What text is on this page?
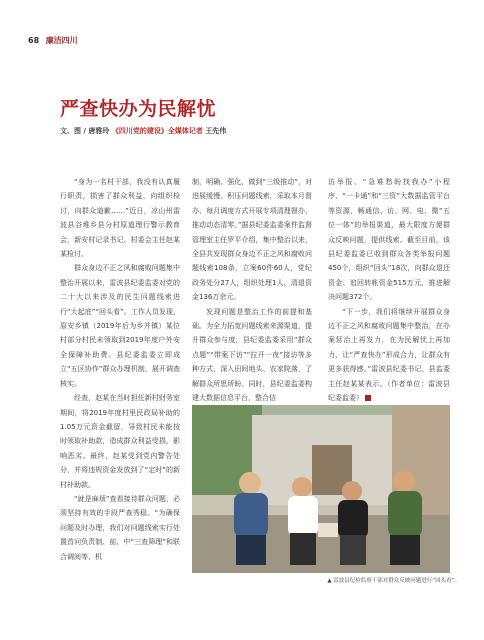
68 廉洁四川
严查快办为民解忧
文、图 / 唐雅玲 《四川党的建设》全媒体记者 王先伟

“身为一名村干部，我没有认真履行职责，损害了群众利益，向组织检讨，向群众道歉……”近日，凉山州雷波县谷堆乡县分村原道理行警示教育会，新安村记录书记、村委会主任赵某某检讨。

群众身边不正之风和腐败问题集中整治开展以来，雷波县纪委监委对党的二十大以来涉及的民生问题线索进行“大起底”“回头看”。工作人员发现，原安乡镇（2019年后为乡并镇）某位村部分村民未领取到2019年度户外安全保障补助费。县纪委监委立即成立“五区协作”群众办理机制，展开调查核实。

经查，赵某在当时担任新村财务室期间，将2019年度村里民政局补助的1.05万元资金截留，导致村民未能按时领取补助款，造成群众利益受损，影响恶劣。最终，赵某受到党内警告处分，并将违规资金发放到了“定时”的新村补助款。

“就是麻烦”查看接待群众问题，必须坚持有效的手段严查秀稳。“为确保问题及时办理，我们对问题线索实行处置首问负责制、前、中“三查筛理”和联合调阅等、机

制，明确、强化，做到“三级推动”，对进展缓慢、积压问题线索，采取本月督办、每月调度方式开展专项清理督办，推动动态清零。”据县纪委监委案件监督管理室主任罗平介绍，集中整治以来，全县共发现群众身边不正之风和腐败问题线索108条，立案60件60人，党纪政务处分27人，组织处理1人，清退资金136万余元。

发现问题是整治工作的前提和基础。为全力拓宽问题线索来源渠道，提升群众参与度，县纪委监委采用“群众点题”“带案下访”“拉开一夜”接访等多种方式，深入田间地头、农家院落，了解群众所思所盼。同时，县纪委监委构建大数据信息平台，整合信

访举报、“急难愁盼找我办”小程序、“一卡通”和“三资”大数据监管平台等资源，畅通信、访、网、电、微“五位一体”的举报渠道，最大限度方便群众反映问题，提供线索。截至目前，该县纪委监委已收到群众各类举报问题450个，组织“回头”18次，向群众退还资金、追回转帐资金515万元，推进解决问题372个。

“下一步，我们将继续开展群众身边不正之风和腐败问题集中整治，在办案惩治上再发力，在为民解忧上再加力，让“严查快办”形成合力，让群众有更多获得感。”雷波县纪委书记、县监委主任赵某某表示。（作者单位：雷波县纪委监委）

▲ 雷波县纪检监察干部对群众反映问题进行“回头看”。
